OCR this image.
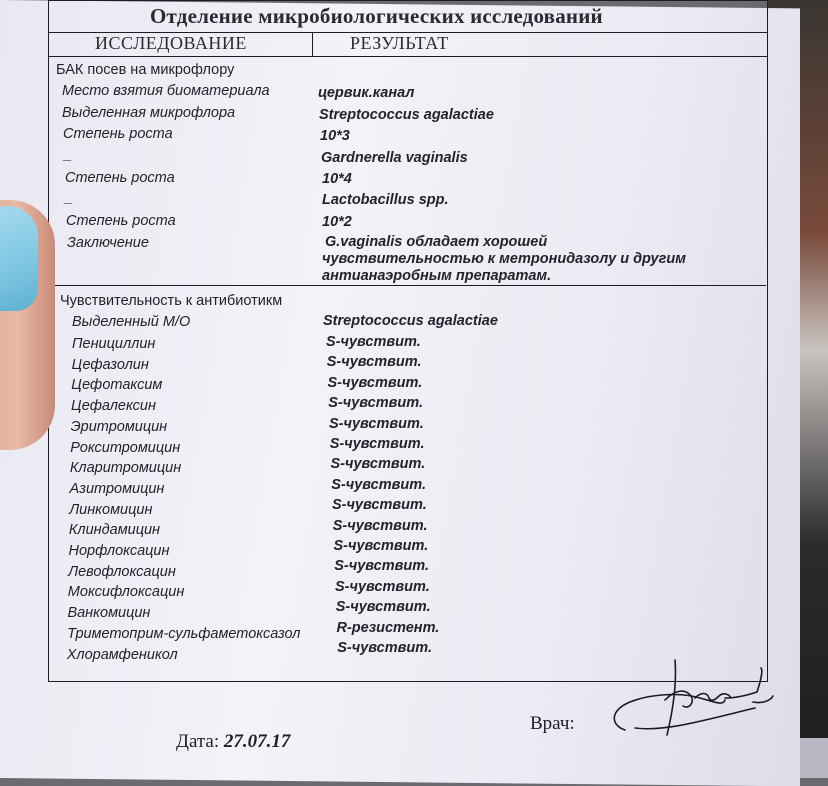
Отделение микробиологических исследований
ИССЛЕДОВАНИЕ	РЕЗУЛЬТАТ
БАК посев на микрофлору
Место взятия биоматериала	цервик.канал
Выделенная микрофлора	Streptococcus agalactiae
Степень роста	10*3
_	Gardnerella vaginalis
Степень роста	10*4
_	Lactobacillus spp.
Степень роста	10*2
Заключение	G.vaginalis обладает хорошей
чувствительностью к метронидазолу и другим
антианаэробным препаратам.
Чувствительность к антибиотикм
Выделенный М/О	Streptococcus agalactiae
Пенициллин	S-чувствит.
Цефазолин	S-чувствит.
Цефотаксим	S-чувствит.
Цефалексин	S-чувствит.
Эритромицин	S-чувствит.
Рокситромицин	S-чувствит.
Кларитромицин	S-чувствит.
Азитромицин	S-чувствит.
Линкомицин	S-чувствит.
Клиндамицин	S-чувствит.
Норфлоксацин	S-чувствит.
Левофлоксацин	S-чувствит.
Моксифлоксацин	S-чувствит.
Ванкомицин	S-чувствит.
Триметоприм-сульфаметоксазол R-резистент.
Хлорамфеникол	S-чувствит.
Дата: 27.07.17
Врач:
